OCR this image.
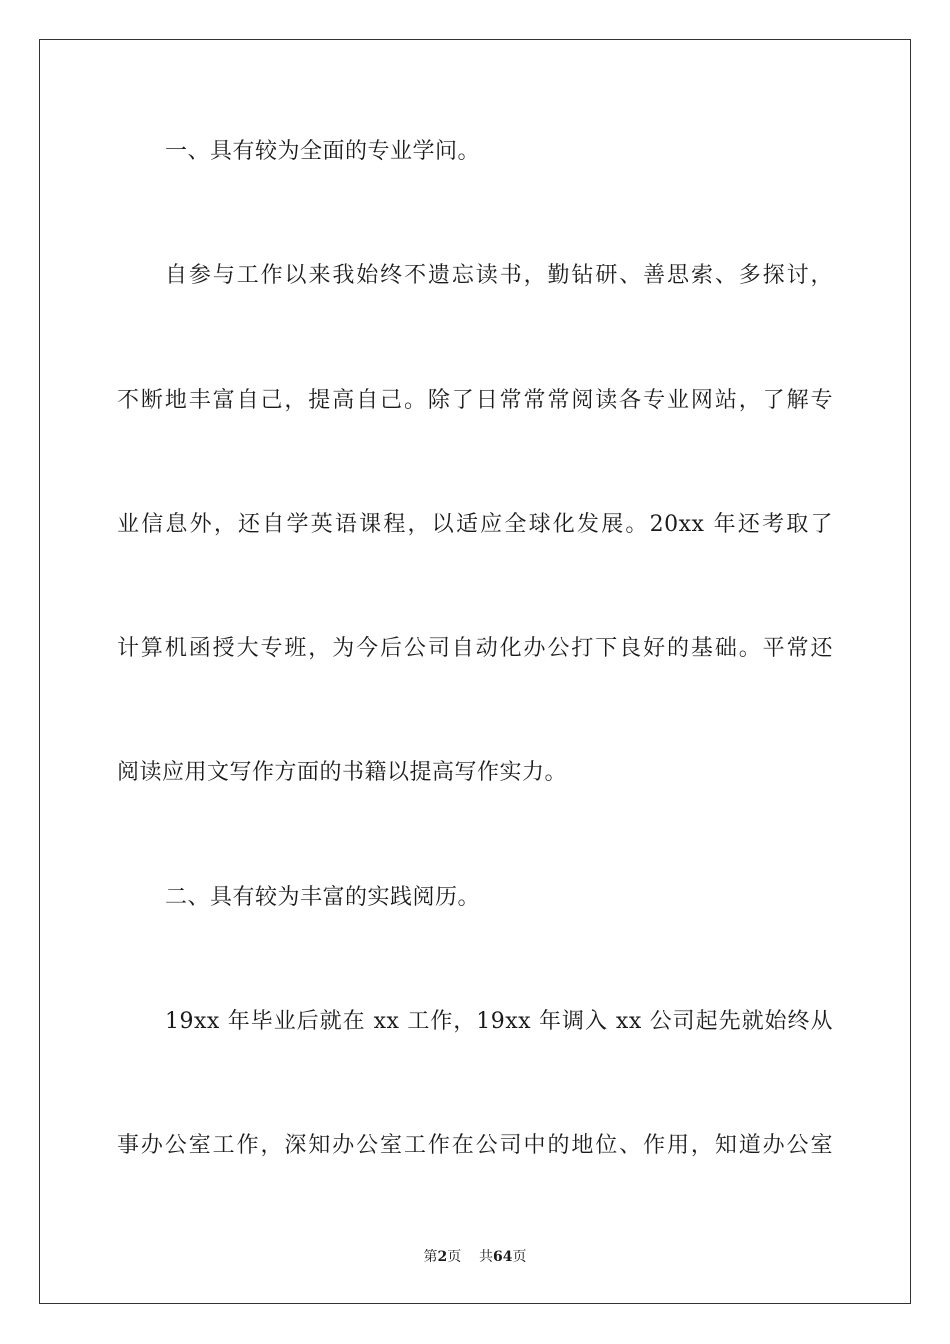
一、具有较为全面的专业学问。
自参与工作以来我始终不遗忘读书，勤钻研、善思索、多探讨，
不断地丰富自己，提高自己。除了日常常常阅读各专业网站，了解专
业信息外，还自学英语课程，以适应全球化发展。20xx 年还考取了
计算机函授大专班，为今后公司自动化办公打下良好的基础。平常还
阅读应用文写作方面的书籍以提高写作实力。
二、具有较为丰富的实践阅历。
19xx 年毕业后就在 xx 工作，19xx 年调入 xx 公司起先就始终从
事办公室工作，深知办公室工作在公司中的地位、作用，知道办公室
第2页 共64页
